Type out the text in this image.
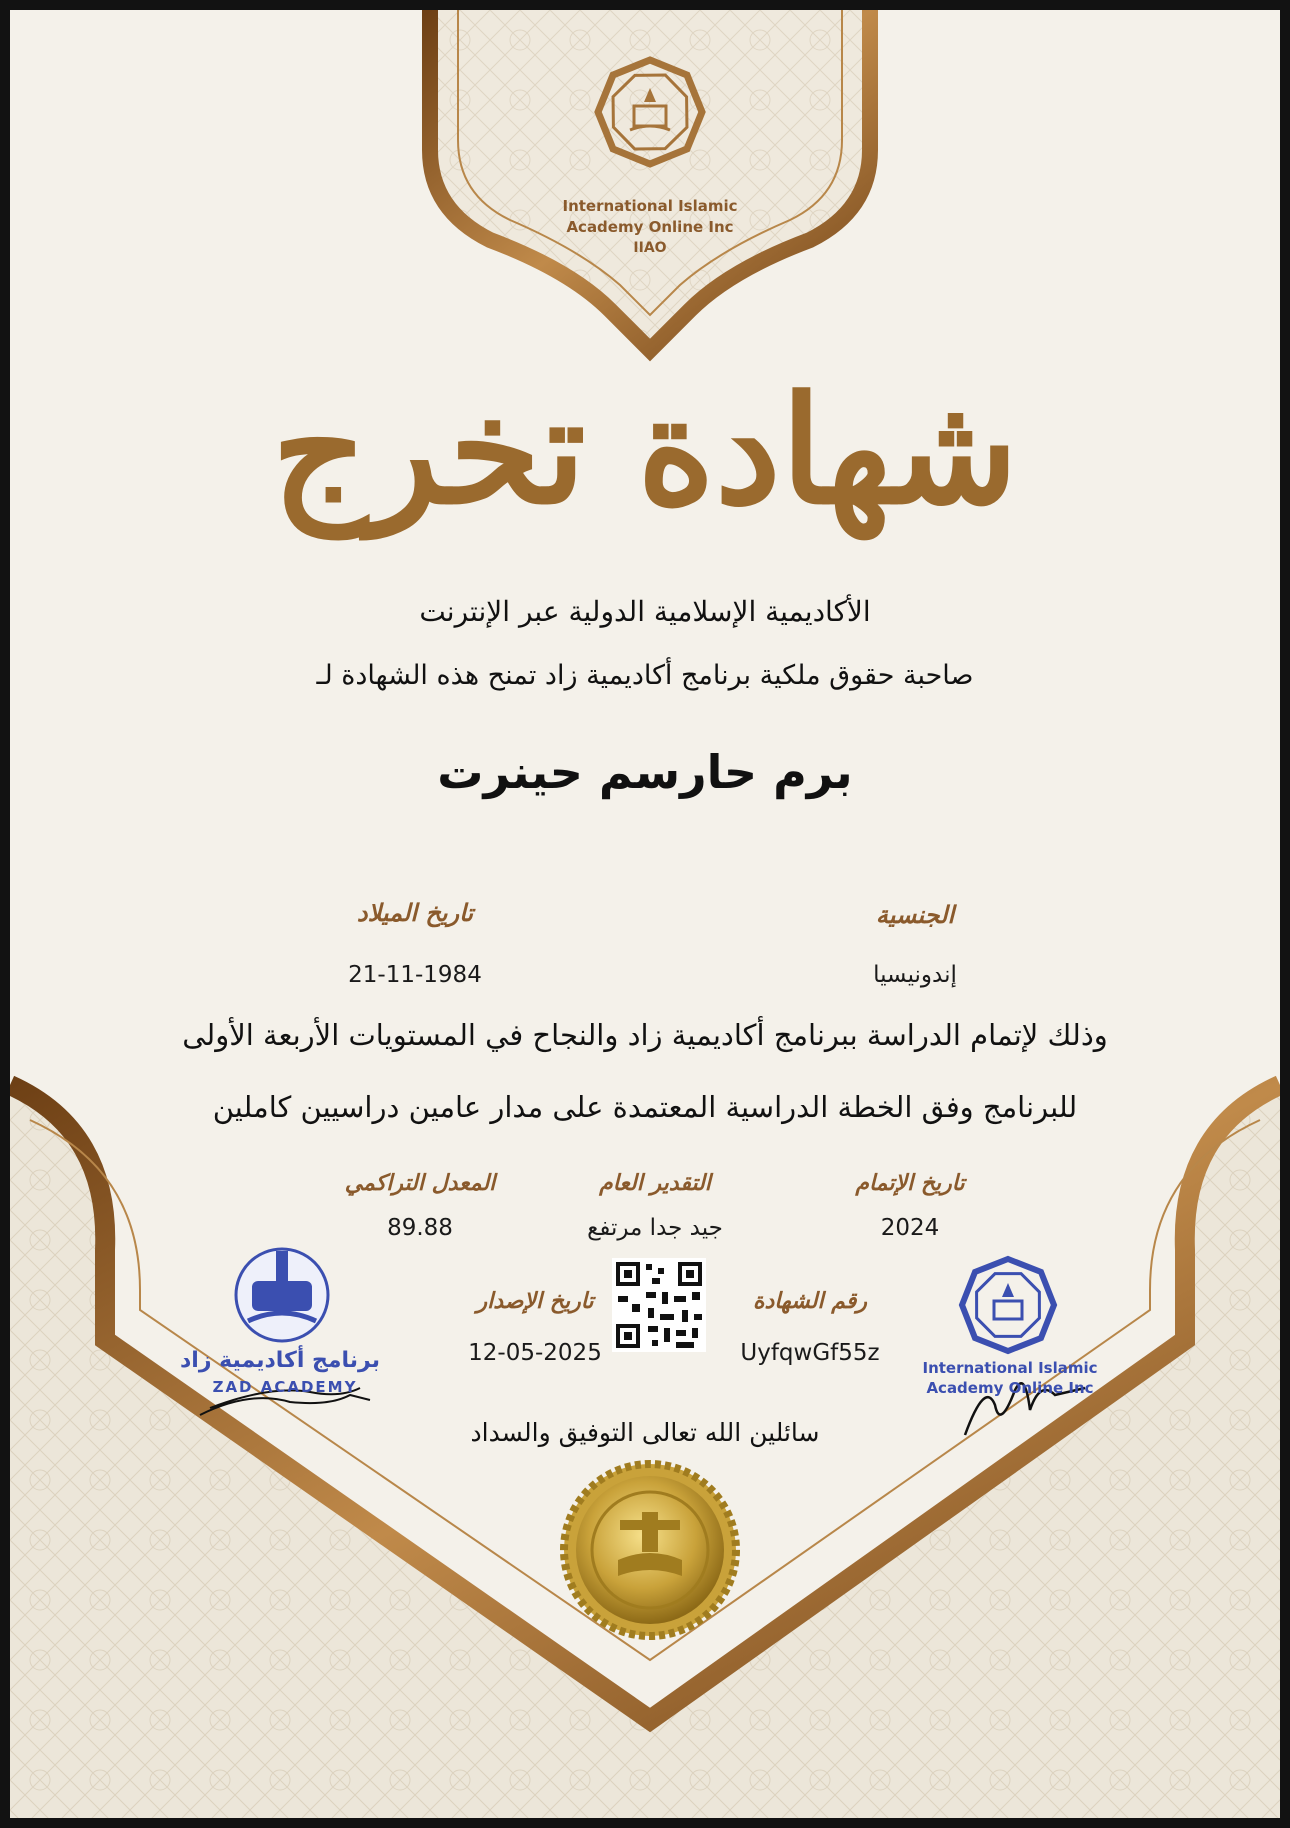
International Islamic
Academy Online Inc
IIAO
شهادة تخرج
الأكاديمية الإسلامية الدولية عبر الإنترنت
صاحبة حقوق ملكية برنامج أكاديمية زاد تمنح هذه الشهادة لـ
برم حارسم حينرت
الجنسية
إندونيسيا
تاريخ الميلاد
21-11-1984
وذلك لإتمام الدراسة ببرنامج أكاديمية زاد والنجاح في المستويات الأربعة الأولى
للبرنامج وفق الخطة الدراسية المعتمدة على مدار عامين دراسيين كاملين
تاريخ الإتمام
2024
التقدير العام
جيد جدا مرتفع
المعدل التراكمي
89.88
رقم الشهادة
UyfqwGf55z
تاريخ الإصدار
12-05-2025
برنامج أكاديمية زاد
ZAD ACADEMY
International Islamic
Academy Online Inc
سائلين الله تعالى التوفيق والسداد
